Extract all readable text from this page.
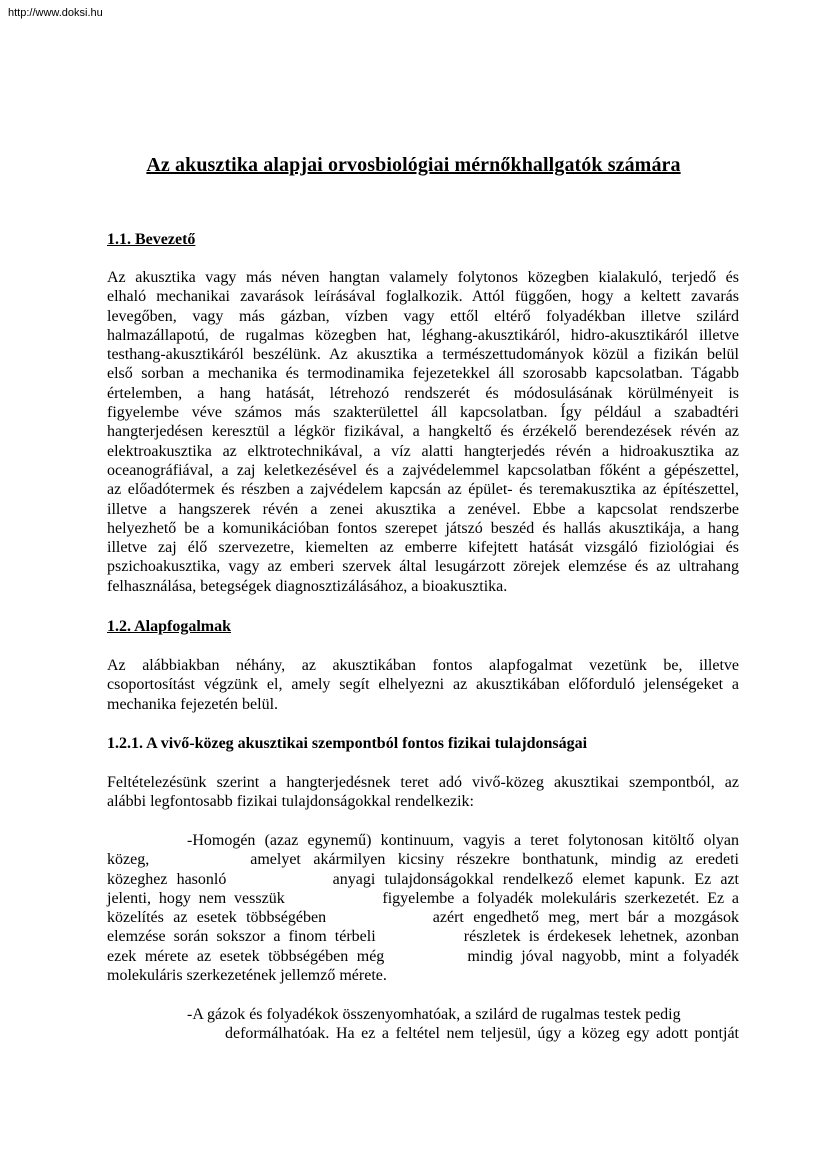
http://www.doksi.hu
Az akusztika alapjai orvosbiológiai mérnőkhallgatók számára
1.1. Bevezető
Az akusztika vagy más néven hangtan valamely folytonos közegben kialakuló, terjedő és
elhaló mechanikai zavarások leírásával foglalkozik. Attól függően, hogy a keltett zavarás
levegőben, vagy más gázban, vízben vagy ettől eltérő folyadékban illetve szilárd
halmazállapotú, de rugalmas közegben hat, léghang-akusztikáról, hidro-akusztikáról illetve
testhang-akusztikáról beszélünk. Az akusztika a természettudományok közül a fizikán belül
első sorban a mechanika és termodinamika fejezetekkel áll szorosabb kapcsolatban. Tágabb
értelemben, a hang hatását, létrehozó rendszerét és módosulásának körülményeit is
figyelembe véve számos más szakterülettel áll kapcsolatban. Így például a szabadtéri
hangterjedésen keresztül a légkör fizikával, a hangkeltő és érzékelő berendezések révén az
elektroakusztika az elktrotechnikával, a víz alatti hangterjedés révén a hidroakusztika az
oceanográfiával, a zaj keletkezésével és a zajvédelemmel kapcsolatban főként a gépészettel,
az előadótermek és részben a zajvédelem kapcsán az épület- és teremakusztika az építészettel,
illetve a hangszerek révén a zenei akusztika a zenével. Ebbe a kapcsolat rendszerbe
helyezhető be a komunikációban fontos szerepet játszó beszéd és hallás akusztikája, a hang
illetve zaj élő szervezetre, kiemelten az emberre kifejtett hatását vizsgáló fiziológiai és
pszichoakusztika, vagy az emberi szervek által lesugárzott zörejek elemzése és az ultrahang
felhasználása, betegségek diagnosztizálásához, a bioakusztika.
1.2. Alapfogalmak
Az alábbiakban néhány, az akusztikában fontos alapfogalmat vezetünk be, illetve
csoportosítást végzünk el, amely segít elhelyezni az akusztikában előforduló jelenségeket a
mechanika fejezetén belül.
1.2.1. A vivő-közeg akusztikai szempontból fontos fizikai tulajdonságai
Feltételezésünk szerint a hangterjedésnek teret adó vivő-közeg akusztikai szempontból, az
alábbi legfontosabb fizikai tulajdonságokkal rendelkezik:
-Homogén (azaz egynemű) kontinuum, vagyis a teret folytonosan kitöltő olyan
közeg,	amelyet akármilyen kicsiny részekre bonthatunk, mindig az eredeti
közeghez hasonló	anyagi tulajdonságokkal rendelkező elemet kapunk. Ez azt
jelenti, hogy nem vesszük	figyelembe a folyadék molekuláris szerkezetét. Ez a
közelítés az esetek többségében	azért engedhető meg, mert bár a mozgások
elemzése során sokszor a finom térbeli	részletek is érdekesek lehetnek, azonban
ezek mérete az esetek többségében még	mindig jóval nagyobb, mint a folyadék
molekuláris szerkezetének jellemző mérete.
-A gázok és folyadékok összenyomhatóak, a szilárd de rugalmas testek pedig
deformálhatóak. Ha ez a feltétel nem teljesül, úgy a közeg egy adott pontját
